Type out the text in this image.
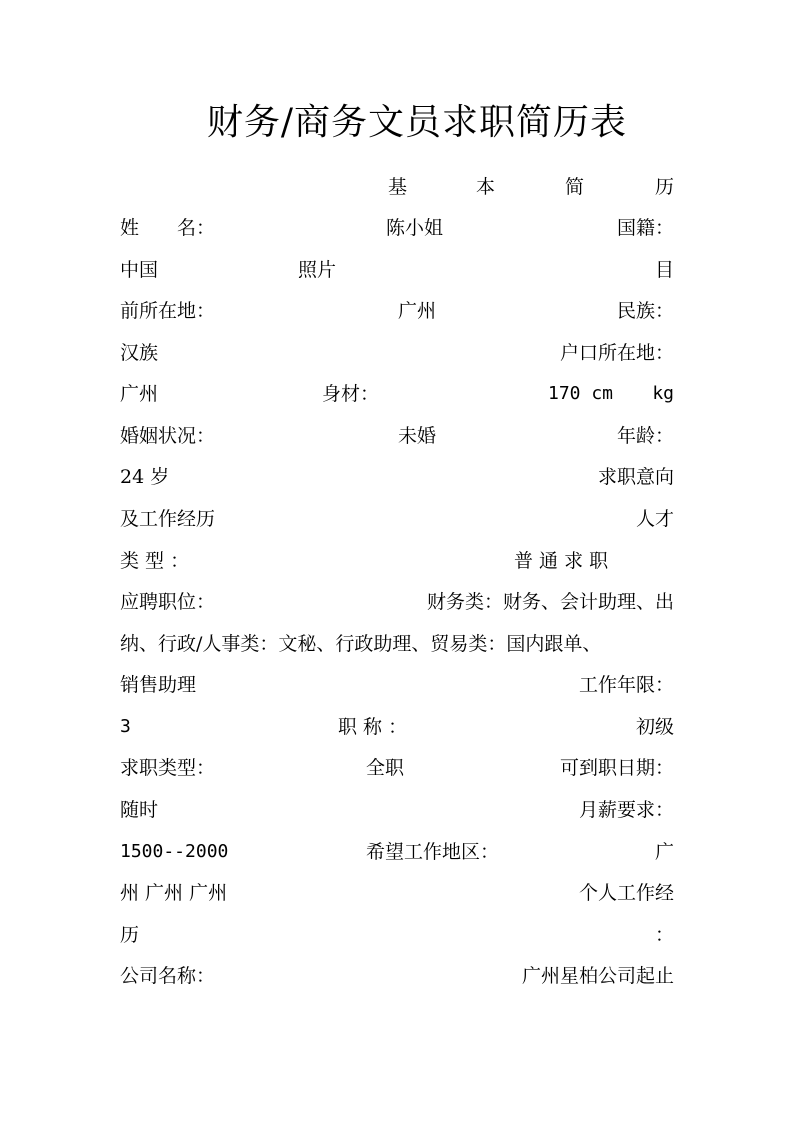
财务/商务文员求职简历表
基	本	简	历
姓　　名：	陈小姐	国籍：
中国	照片	目
前所在地：	广州	民族：
汉族	户口所在地：
广州	身材：	170 cm kg
婚姻状况：	未婚	年龄：
24 岁	求职意向
及工作经历	人才
类 型 ：	普 通 求 职
应聘职位：	财务类：财务、会计助理、出
纳、行政/人事类：文秘、行政助理、贸易类：国内跟单、
销售助理	工作年限：
3	职 称 ：	初级
求职类型：	全职	可到职日期：
随时	月薪要求：
1500--2000	希望工作地区：	广
州 广州 广州	个人工作经
历	：
公司名称：	广州星柏公司起止
